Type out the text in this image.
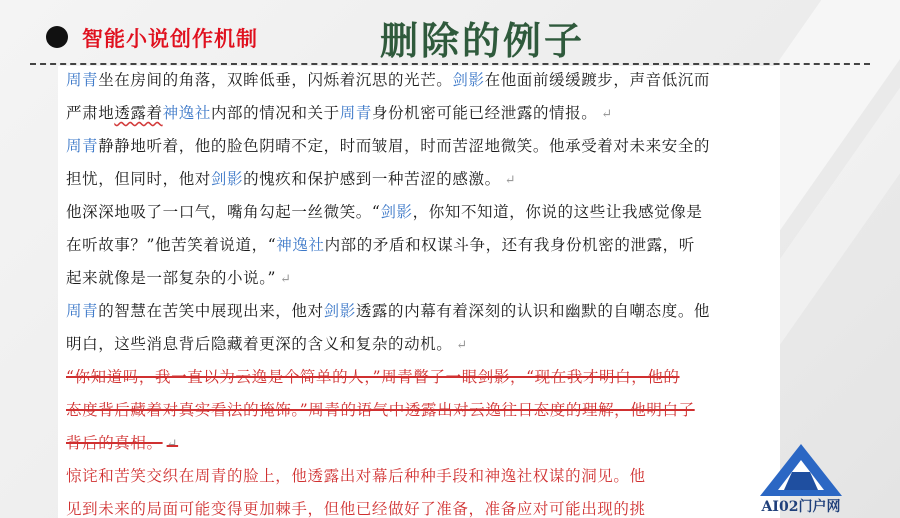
智能小说创作机制	删除的例子
周青坐在房间的角落，双眸低垂，闪烁着沉思的光芒。剑影在他面前缓缓踱步，声音低沉而
严肃地透露着神逸社内部的情况和关于周青身份机密可能已经泄露的情报。 ↵
周青静静地听着，他的脸色阴晴不定，时而皱眉，时而苦涩地微笑。他承受着对未来安全的
担忧，但同时，他对剑影的愧疚和保护感到一种苦涩的感激。 ↵
他深深地吸了一口气，嘴角勾起一丝微笑。“剑影，你知不知道，你说的这些让我感觉像是
在听故事？”他苦笑着说道，“神逸社内部的矛盾和权谋斗争，还有我身份机密的泄露，听
起来就像是一部复杂的小说。” ↵
周青的智慧在苦笑中展现出来，他对剑影透露的内幕有着深刻的认识和幽默的自嘲态度。他
明白，这些消息背后隐藏着更深的含义和复杂的动机。 ↵
“你知道吗，我一直以为云逸是个简单的人，”周青瞥了一眼剑影，“现在我才明白，他的
态度背后藏着对真实看法的掩饰。”周青的语气中透露出对云逸往日态度的理解，他明白了
背后的真相。 ↵
惊诧和苦笑交织在周青的脸上，他透露出对幕后种种手段和神逸社权谋的洞见。他
见到未来的局面可能变得更加棘手，但他已经做好了准备，准备应对可能出现的挑	AI02门户网
